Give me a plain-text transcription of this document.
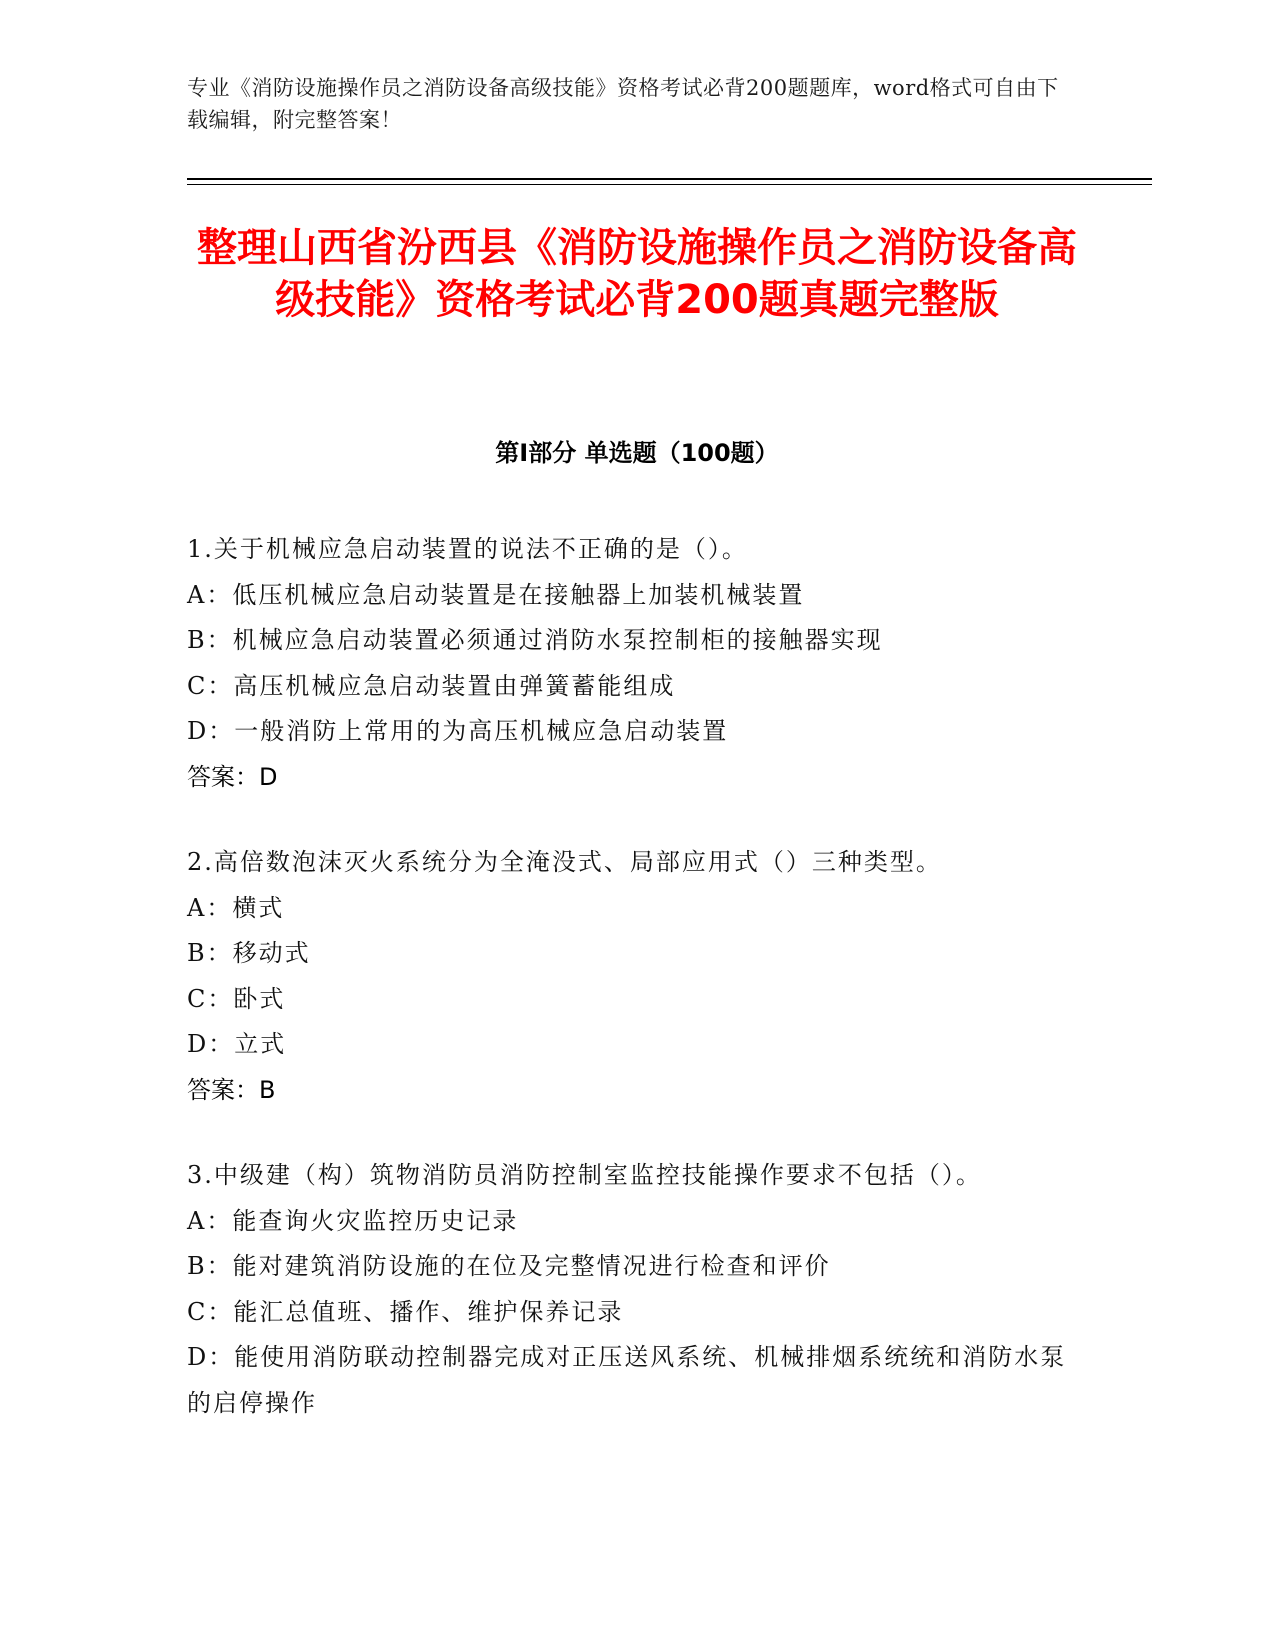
专业《消防设施操作员之消防设备高级技能》资格考试必背200题题库，word格式可自由下载编辑，附完整答案！
整理山西省汾西县《消防设施操作员之消防设备高级技能》资格考试必背200题真题完整版
第Ⅰ部分 单选题（100题）
1.关于机械应急启动装置的说法不正确的是（）。
A：低压机械应急启动装置是在接触器上加装机械装置
B：机械应急启动装置必须通过消防水泵控制柜的接触器实现
C：高压机械应急启动装置由弹簧蓄能组成
D：一般消防上常用的为高压机械应急启动装置
答案：D
2.高倍数泡沫灭火系统分为全淹没式、局部应用式（）三种类型。
A：横式
B：移动式
C：卧式
D：立式
答案：B
3.中级建（构）筑物消防员消防控制室监控技能操作要求不包括（）。
A：能查询火灾监控历史记录
B：能对建筑消防设施的在位及完整情况进行检查和评价
C：能汇总值班、播作、维护保养记录
D：能使用消防联动控制器完成对正压送风系统、机械排烟系统统和消防水泵的启停操作
